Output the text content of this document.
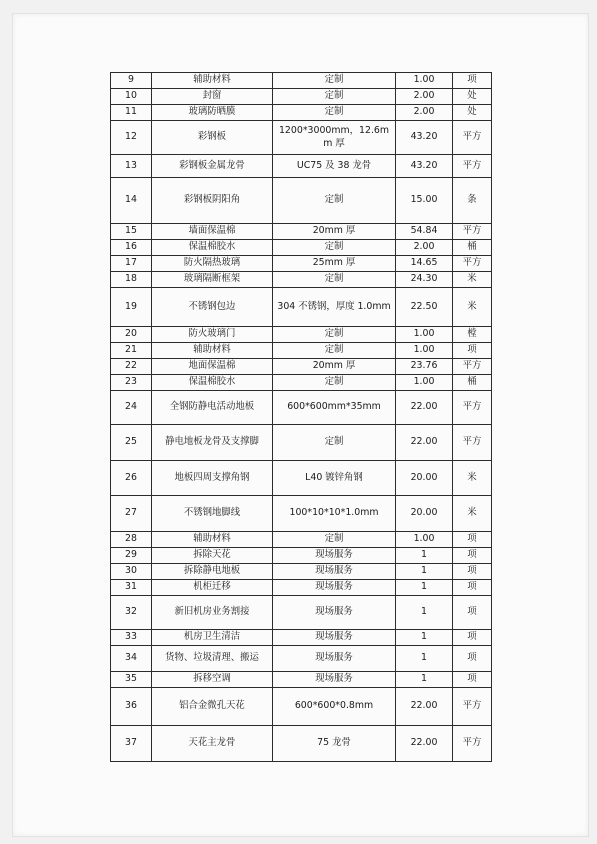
9	辅助材料	定制	1.00	项
10	封窗	定制	2.00	处
11	玻璃防晒膜	定制	2.00	处
12	彩钢板	1200*3000mm，12.6mm 厚	43.20	平方
13	彩钢板金属龙骨	UC75 及 38 龙骨	43.20	平方
14	彩钢板阴阳角	定制	15.00	条
15	墙面保温棉	20mm 厚	54.84	平方
16	保温棉胶水	定制	2.00	桶
17	防火隔热玻璃	25mm 厚	14.65	平方
18	玻璃隔断框架	定制	24.30	米
19	不锈钢包边	304 不锈钢，厚度 1.0mm	22.50	米
20	防火玻璃门	定制	1.00	樘
21	辅助材料	定制	1.00	项
22	地面保温棉	20mm 厚	23.76	平方
23	保温棉胶水	定制	1.00	桶
24	全钢防静电活动地板	600*600mm*35mm	22.00	平方
25	静电地板龙骨及支撑脚	定制	22.00	平方
26	地板四周支撑角钢	L40 镀锌角钢	20.00	米
27	不锈钢地脚线	100*10*10*1.0mm	20.00	米
28	辅助材料	定制	1.00	项
29	拆除天花	现场服务	1	项
30	拆除静电地板	现场服务	1	项
31	机柜迁移	现场服务	1	项
32	新旧机房业务割接	现场服务	1	项
33	机房卫生清洁	现场服务	1	项
34	货物、垃圾清理、搬运	现场服务	1	项
35	拆移空调	现场服务	1	项
36	铝合金微孔天花	600*600*0.8mm	22.00	平方
37	天花主龙骨	75 龙骨	22.00	平方
